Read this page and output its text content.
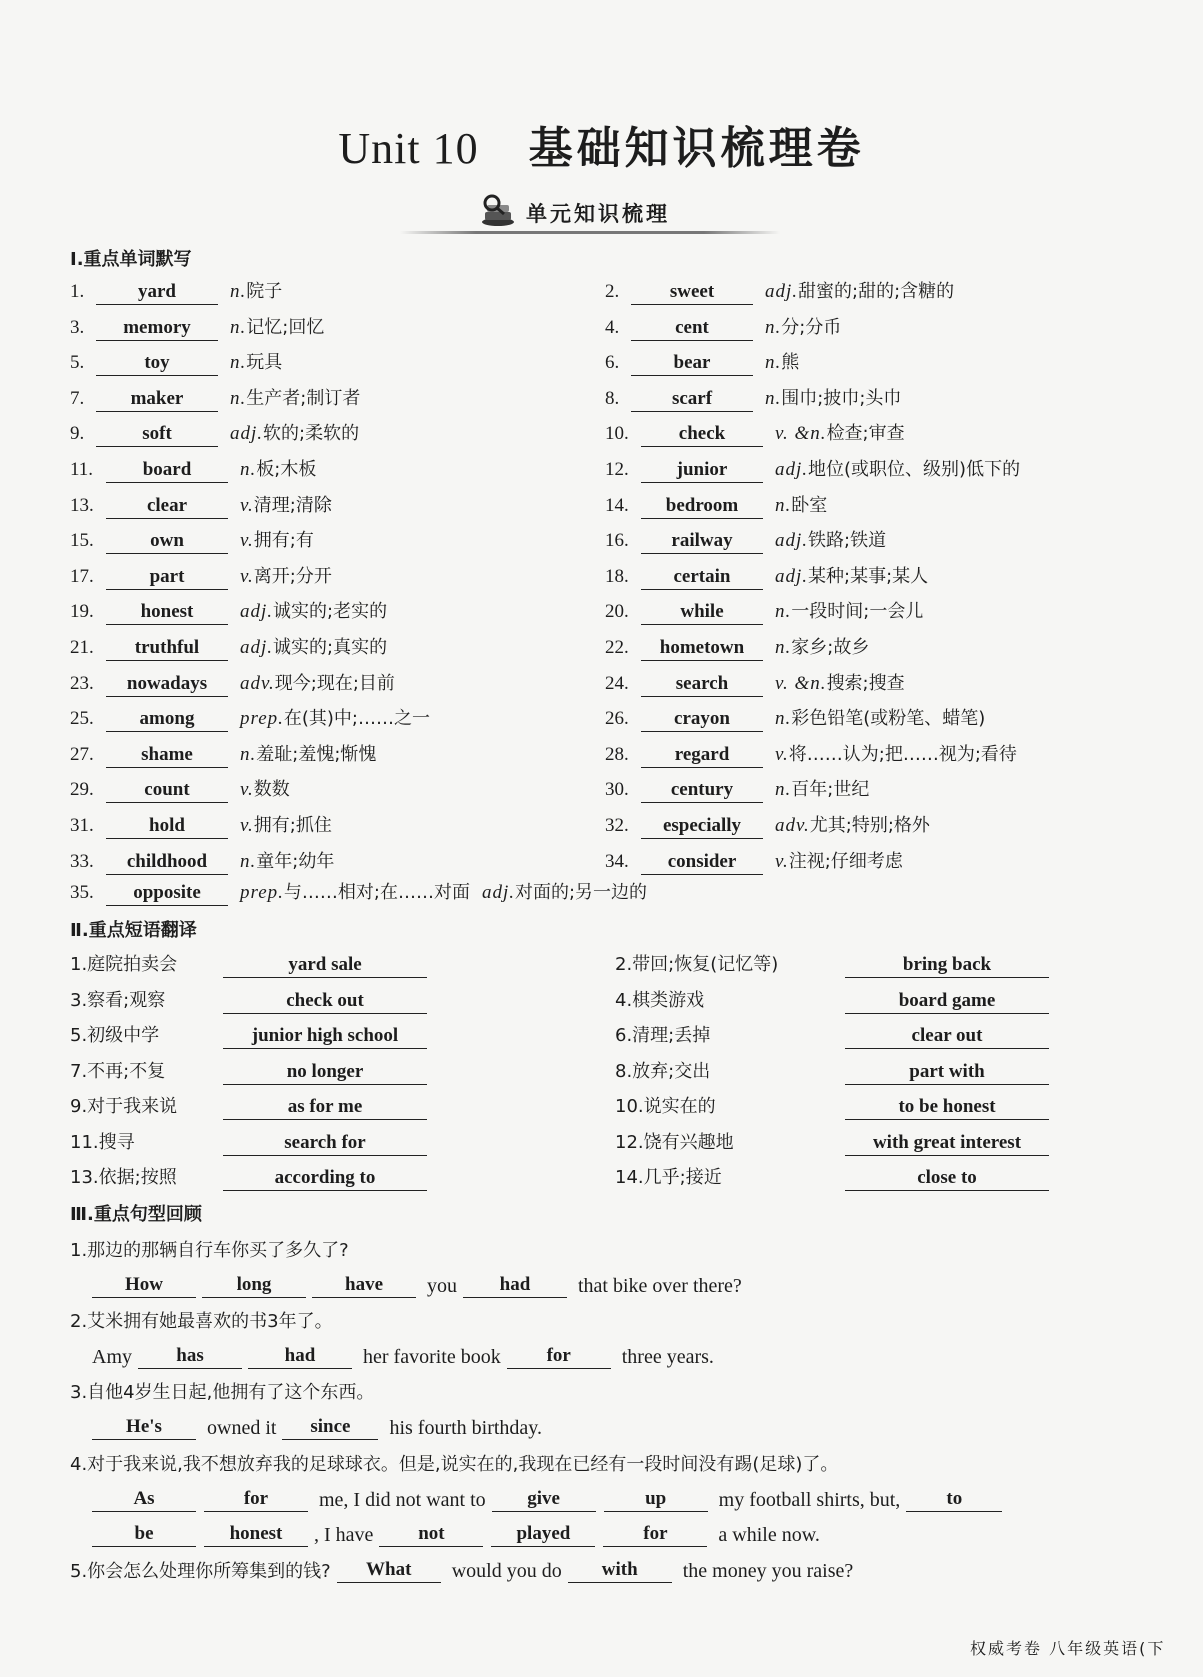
Unit 10 基础知识梳理卷
单元知识梳理
Ⅰ.重点单词默写
1.	yard	n.院子	2.	sweet	adj.甜蜜的;甜的;含糖的
3. memory n.记忆;回忆	4.	cent	n.分;分币
5.	toy	n.玩具	6.	bear	n.熊
7. maker n.生产者;制订者	8.	scarf	n.围巾;披巾;头巾
9.	soft	adj.软的;柔软的	10.	check	v. &n.检查;审查
11.	board	n.板;木板	12.	junior	adj.地位(或职位、级别)低下的
13.	clear	v.清理;清除	14. bedroom n.卧室
15.	own	v.拥有;有	16. railway adj.铁路;铁道
17.	part	v.离开;分开	18. certain adj.某种;某事;某人
19. honest adj.诚实的;老实的	20.	while	n.一段时间;一会儿
21. truthful adj.诚实的;真实的	22. hometown n.家乡;故乡
23. nowadays adv.现今;现在;目前	24. search v. &n.搜索;搜查
25. among prep.在(其)中;……之一	26. crayon n.彩色铅笔(或粉笔、蜡笔)
27. shame n.羞耻;羞愧;惭愧	28. regard v.将……认为;把……视为;看待
29.	count	v.数数	30. century n.百年;世纪
31.	hold	v.拥有;抓住	32. especially adv.尤其;特别;格外
33. childhood n.童年;幼年	34. consider v.注视;仔细考虑
35. opposite prep.与……相对;在……对面 adj.对面的;另一边的
Ⅱ.重点短语翻译
1.庭院拍卖会	yard sale	2.带回;恢复(记忆等)	bring back
3.察看;观察	check out	4.棋类游戏	board game
5.初级中学	junior high school	6.清理;丢掉	clear out
7.不再;不复	no longer	8.放弃;交出	part with
9.对于我来说	as for me	10.说实在的	to be honest
11.搜寻	search for	12.饶有兴趣地	with great interest
13.依据;按照	according to	14.几乎;接近	close to
Ⅲ.重点句型回顾
1.那边的那辆自行车你买了多久了?
How	long	have you had that bike over there?
2.艾米拥有她最喜欢的书3年了。
Amy has	had her favorite book for	three years.
3.自他4岁生日起,他拥有了这个东西。
He's owned it since his fourth birthday.
4.对于我来说,我不想放弃我的足球球衣。但是,说实在的,我现在已经有一段时间没有踢(足球)了。
As	for	me, I did not want to give	up	my football shirts, but, to
be	honest , I have not	played	for	a while now.
5.你会怎么处理你所筹集到的钱? What would you do with the money you raise?
权威考卷 八年级英语(下
